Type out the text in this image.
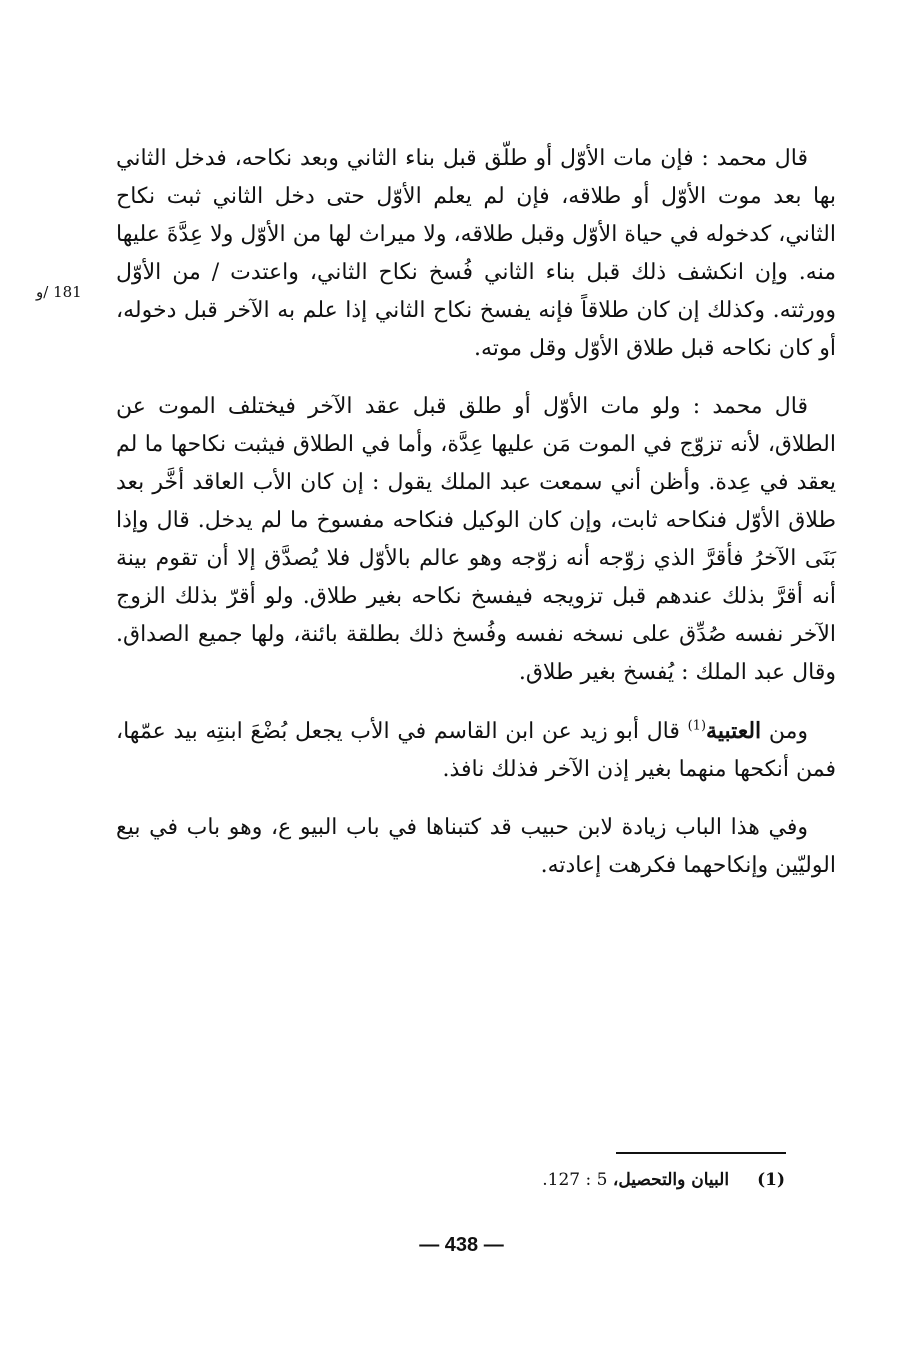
181 /و

قال محمد : فإن مات الأوّل أو طلّق قبل بناء الثاني وبعد نكاحه، فدخل الثاني بها بعد موت الأوّل أو طلاقه، فإن لم يعلم الأوّل حتى دخل الثاني ثبت نكاح الثاني، كدخوله في حياة الأوّل وقبل طلاقه، ولا ميراث لها من الأوّل ولا عِدَّةَ عليها منه. وإن انكشف ذلك قبل بناء الثاني فُسخ نكاح الثاني، واعتدت / من الأوّل وورثته. وكذلك إن كان طلاقاً فإنه يفسخ نكاح الثاني إذا علم به الآخر قبل دخوله، أو كان نكاحه قبل طلاق الأوّل وقل موته.

قال محمد : ولو مات الأوّل أو طلق قبل عقد الآخر فيختلف الموت عن الطلاق، لأنه تزوّج في الموت مَن عليها عِدَّة، وأما في الطلاق فيثبت نكاحها ما لم يعقد في عِدة. وأظن أني سمعت عبد الملك يقول : إن كان الأب العاقد أخَّر بعد طلاق الأوّل فنكاحه ثابت، وإن كان الوكيل فنكاحه مفسوخ ما لم يدخل. قال وإذا بَنَى الآخرُ فأقرَّ الذي زوّجه أنه زوّجه وهو عالم بالأوّل فلا يُصدَّق إلا أن تقوم بينة أنه أقرَّ بذلك عندهم قبل تزويجه فيفسخ نكاحه بغير طلاق. ولو أقرّ بذلك الزوج الآخر نفسه صُدِّق على نسخه نفسه وفُسخ ذلك بطلقة بائنة، ولها جميع الصداق. وقال عبد الملك : يُفسخ بغير طلاق.

ومن العتبية$^{(1)}$ قال أبو زيد عن ابن القاسم في الأب يجعل بُضْعَ ابنتِه بيد عمّها، فمن أنكحها منهما بغير إذن الآخر فذلك نافذ.

وفي هذا الباب زيادة لابن حبيب قد كتبناها في باب البيو ع، وهو باب في بيع الوليّين وإنكاحهما فكرهت إعادته.

(1)البيان والتحصيل، 5 : 127.
— 438 —
